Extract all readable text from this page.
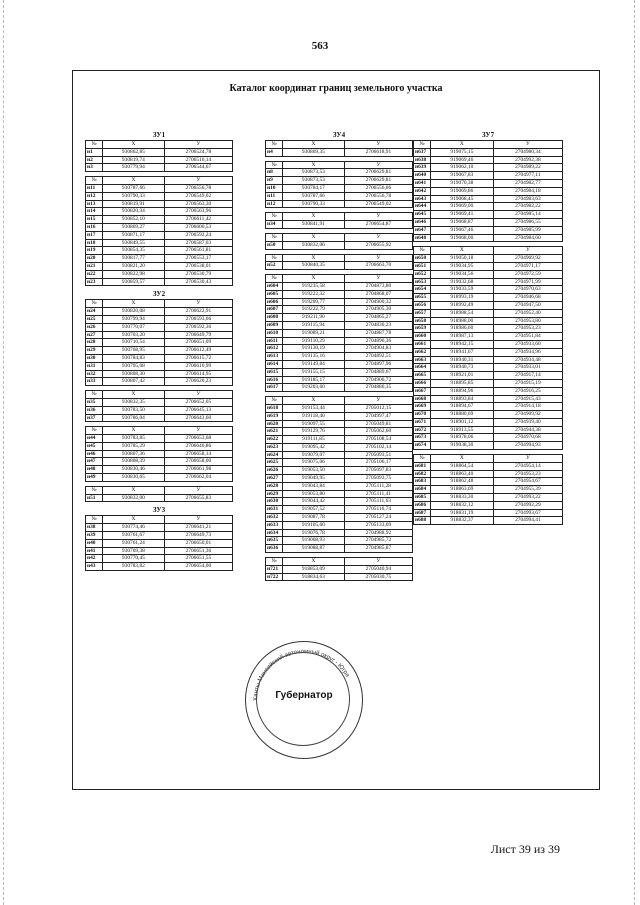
563
Каталог координат границ земельного участка
ЗУ1
№	X	У
н1	930862,85	2706524,78
н2	930819,74	2706516,14
н3	930779,94	2706544,67
№	X	У
н11	930787,66	2706556,78
н12	930790,33	2706549,02
н13	930819,91	2706563,30
н14	930820,34	2706563,96
н15	930852,10	2706611,42
н16	930869,27	2706600,53
н17	930871,17	2706592,24
н18	930849,55	2706587,03
н19	930854,35	2706561,81
н20	930817,77	2706553,17
н21	930821,20	2706538,01
н22	930822,98	2706530,79
н23	930859,57	2706530,43
ЗУ2
№	X	У
н24	930820,08	2706622,91
н25	930799,94	2706593,66
н26	930770,07	2706592,36
н27	930703,20	2706649,79
н28	930710,54	2706651,09
н29	930768,95	2706612,49
н30	930784,83	2706615,72
н31	930795,08	2706610,99
н32	930808,30	2706614,95
н33	930807,42	2706620,23
№	X	У
н35	930832,35	2706652,05
н36	930783,50	2706645,13
н37	930786,04	2706643,60
№	X	У
н44	930783,85	2706653,68
н45	930785,29	2706646,86
н46	930807,36	2706658,14
н47	930808,39	2706658,00
н48	930830,46	2706661,98
н49	930830,65	2706662,04
№	X	У
н51	930832,00	2706655,83
ЗУ3
№	X	У
н38	930774,46	2706641,21
н39	930761,67	2706649,73
н40	930761,24	2706650,01
н41	930769,38	2706651,36
н42	930770,45	2706651,55
н43	930783,82	2706654,00
ЗУ4
№	X	У
н4	930869,35	2706618,91
№	X	У
н8	930873,53	2706629,81
н9	930873,53	2706629,81
н10	930784,17	2706556,06
н11	930787,66	2706556,78
н12	930790,33	2706549,02
№	X	У
н34	930841,91	2706654,87
№	X	У
н50	930832,06	2706655,92
№	X	У
н52	930840,35	2706663,70
№	X	У
н604	919235,58	2704873,80
н605	919222,32	2704868,07
н606	919209,77	2704900,32
н607	919222,79	2704905,30
н608	919211,90	2704865,27
н609	919115,94	2704830,23
н610	919089,21	2704887,78
н611	919110,29	2704896,36
н612	919130,19	2704904,83
н613	919135,16	2704892,51
н614	919149,84	2704897,96
н615	919155,15	2704889,67
н616	919185,17	2704906,72
н617	919203,60	2704880,35
№	X	У
н618	919153,44	2705012,15
н619	919118,40	2704997,47
н620	919097,55	2705049,81
н621	919129,76	2705062,60
н622	919111,85	2705108,54
н623	919095,42	2705102,14
н624	919079,07	2705093,51
н625	919075,06	2705106,17
н626	919053,50	2705097,83
н627	919049,95	2705093,75
н628	919043,84	2705111,28
н629	919053,80	2705111,41
н630	919044,42	2705111,63
н631	919057,52	2705116,74
н632	919087,78	2705127,24
н633	919105,60	2705133,69
н634	919076,78	2704988,92
н635	919068,93	2704985,72
н636	919088,87	2704985,87
№	X	У
н721	918853,09	2705040,94
н722	918834,63	2705030,75
ЗУ7
№	X	У
н637	919075,15	2704980,34
н638	919069,46	2704992,38
н639	919062,10	2704989,22
н640	919067,83	2704977,11
н641	919070,38	2704982,77
н642	919069,86	2704984,18
н643	919068,45	2704983,63
н644	919069,00	2704982,22
н645	919069,41	2704985,14
н646	919068,87	2704986,55
н647	919067,46	2704985,99
н648	919068,00	2704984,60
№	X	У
н650	919050,18	2704969,92
н651	919034,95	2704971,17
н652	919034,56	2704972,59
н653	919032,68	2704971,99
н654	919033,59	2704970,63
н655	918993,19	2704946,68
н656	918992,49	2704947,50
н657	918988,54	2704952,40
н658	918988,00	2704953,80
н659	918986,60	2704953,23
н660	918987,13	2704951,84
н661	918942,15	2704933,60
н662	918941,67	2704934,96
н663	918940,31	2704934,48
н664	918940,73	2704933,01
н665	918921,01	2704917,14
н666	918895,85	2704915,19
н667	918894,96	2704916,25
н668	918893,84	2704915,43
н669	918894,67	2704914,18
н670	918880,69	2704909,92
н671	918901,12	2704939,40
н672	918913,55	2704944,38
н673	918978,06	2704970,68
н674	919038,30	2704994,93
№	X	У
н681	918864,54	2704954,14
н682	918863,40	2704953,23
н683	918862,48	2704954,67
н684	918863,69	2704955,39
н685	918833,30	2704993,22
н686	918832,12	2704992,29
н687	918831,19	2704993,67
н688	918832,37	2704994,41
Ханты-Мансийский автономный округ - Югра
Губернатор
Лист 39 из 39
